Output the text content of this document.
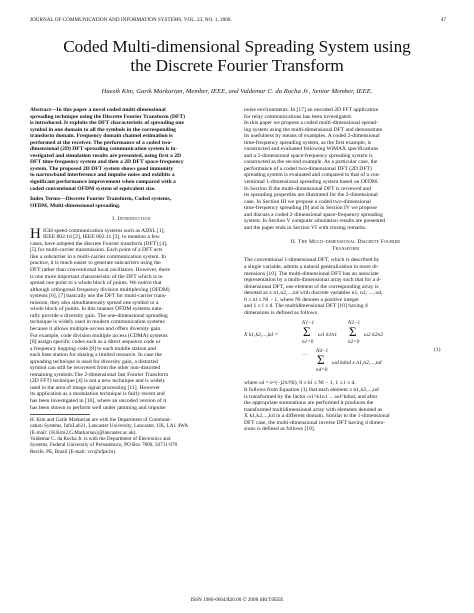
JOURNAL OF COMMUNICATION AND INFORMATION SYSTEMS, VOL. 23, NO. 1, 2008.	47
Coded Multi-dimensional Spreading System using
the Discrete Fourier Transform
Haesik Kim, Garik Markarian, Member, IEEE, and Valdemar C. da Rocha Jr., Senior Member, IEEE.
Abstract—In this paper a novel coded multi-dimensional
spreading technique using the Discrete Fourier Transform (DFT)
is introduced. It exploits the DFT characteristic of spreading one
symbol in one domain to all the symbols in the corresponding
transform domain. Frequency domain channel estimation is
performed at the receiver. The performance of a coded two-
dimensional (2D) DFT spreading communication system is in-
vestigated and simulation results are presented, using first a 2D
DFT time-frequency system and then a 2D DFT space-frequency
system. The proposed 2D DFT system shows good immunity
to narrowband interference and impulse noise and exhibits a
significant performance improvement when compared with a
coded conventional OFDM system of equivalent size.
Index Terms—Discrete Fourier Transform, Coded systems,
OFDM, Multi-dimensional spreading.
I. Introduction
H IGH speed communication systems such as ADSL [1],
IEEE 802.16 [2], IEEE 802.11 [3], to mention a few
cases, have adopted the discrete Fourier transform (DFT) [4],
[5] for multi-carrier transmission. Each point of a DFT acts
like a subcarrier in a multi-carrier communication system. In
practice, it is much easier to generate subcarriers using the
DFT rather than conventional local oscillators. However, there
is one more important characteristic of the DFT which is to
spread one point to a whole block of points. We notice that
although orthogonal frequency division multiplexing (OFDM)
systems [6], [7] basically use the DFT for multi-carrier trans-
mission, they also simultaneously spread one symbol to a
whole block of points. In this manner OFDM systems natu-
rally provide a diversity gain. The one-dimensional spreading
technique is widely used in modern communication systems
because it allows multiple-access and offers diversity gain.
For example, code division multiple access (CDMA) systems
[8] assign specific codes such as a direct sequence code or
a frequency hopping code [8] to each mobile station and
each base station for sharing a limited resource. In case the
spreading technique is used for diversity gain, a distorted
symbol can still be recovered from the other non-distorted
remaining symbols.The 2-dimensional fast Fourier Transform
(2D FFT) technique [4] is not a new technique and is widely
used in the area of image signal processing [11]. However
its application as a modulation technique is fairly recent and
has been investigated in [16], where an uncoded version of it
has been shown to perform well under jamming and impulse
H. Kim and Garik Markarian are with the Department of Communi-
cation Systems, InfoLab21, Lancaster University, Lancaster, UK, LA1 4WA
(E-mail: {H.Kim2,G.Markarian}@lancaster.ac.uk).
Valdemar C. da Rocha Jr. is with the Department of Electronics and
Systems, Federal University of Pernambuco, PO Box 7800, 50711-970
Recife, PE, Brazil (E-mail: vcr@ufpe.br).
noise environments. In [17] an uncoded 2D FFT application
for relay communications has been investigated.
In this paper we propose a coded multi-dimensional spread-
ing system using the multi-dimensional DFT and demonstrate
its usefulness by means of examples. A coded 2-dimensional
time-frequency spreading system, as the first example, is
constructed and evaluated following WiMAX specifications
and a 2-dimensional space-frequency spreading system is
constructed as the second example. As a particular case, the
performance of a coded two-dimensional DFT (2D DFT)
spreading system is evaluated and compared to that of a con-
ventional 1-dimensional spreading system based on OFDM.
In Section II the multi-dimensional DFT is reviewed and
its spreading properties are illustrated for the 2-dimensional
case. In Section III we propose a coded two-dimensional
time-frequency spreading [9] and in Section IV we propose
and discuss a coded 2-dimensional space-frequency spreading
system. In Section V computer simulation results are presented
and the paper ends in Section VI with closing remarks.
II. The Multi-dimensional Discrete Fourier
Transform
The conventional 1-dimensional DFT, which is described by
a single variable, admits a natural generalization in more di-
mensions [10]. The multi-dimensional DFT has an associate
representation by a multi-dimensional array such that for a d-
dimensional DFT, one element of the corresponding array is
denoted as x n1,n2,...,nd with discrete variables n1, n2, ..., nd,
0 ≤ nl ≤ Nl − 1, where Nl denotes a positive integer
and 1 ≤ l ≤ d. The multidimensional DFT [10] having d
dimensions is defined as follows.
X k1,k2,...,kd =
N1−1
Σ
n1=0
ω1 k1n1
N2−1
Σ
n2=0
ω2 k2n2
···
Nd−1
Σ
nd=0
ωd kdnd x n1,n2,...,nd
(1)
where ωl = e^(−j2π/Nl), 0 ≤ kl ≤ Nl − 1, 1 ≤ l ≤ d.
It follows from Equation (1) that each element x n1,n2,...,nd
is transformed by the factor ω1^k1n1 ... ωd^kdnd, and after
the appropriate summations are performed it produces the
transformed multidimensional array with elements denoted as
X k1,k2,...,kd in a different domain. Similar to the 1-dimensional
DFT case, the multi-dimensional inverse DFT having d dimen-
sions is defined as follows [10].
ISSN 1980-6604/$20.00 © 2008 SBrT/IEEE
